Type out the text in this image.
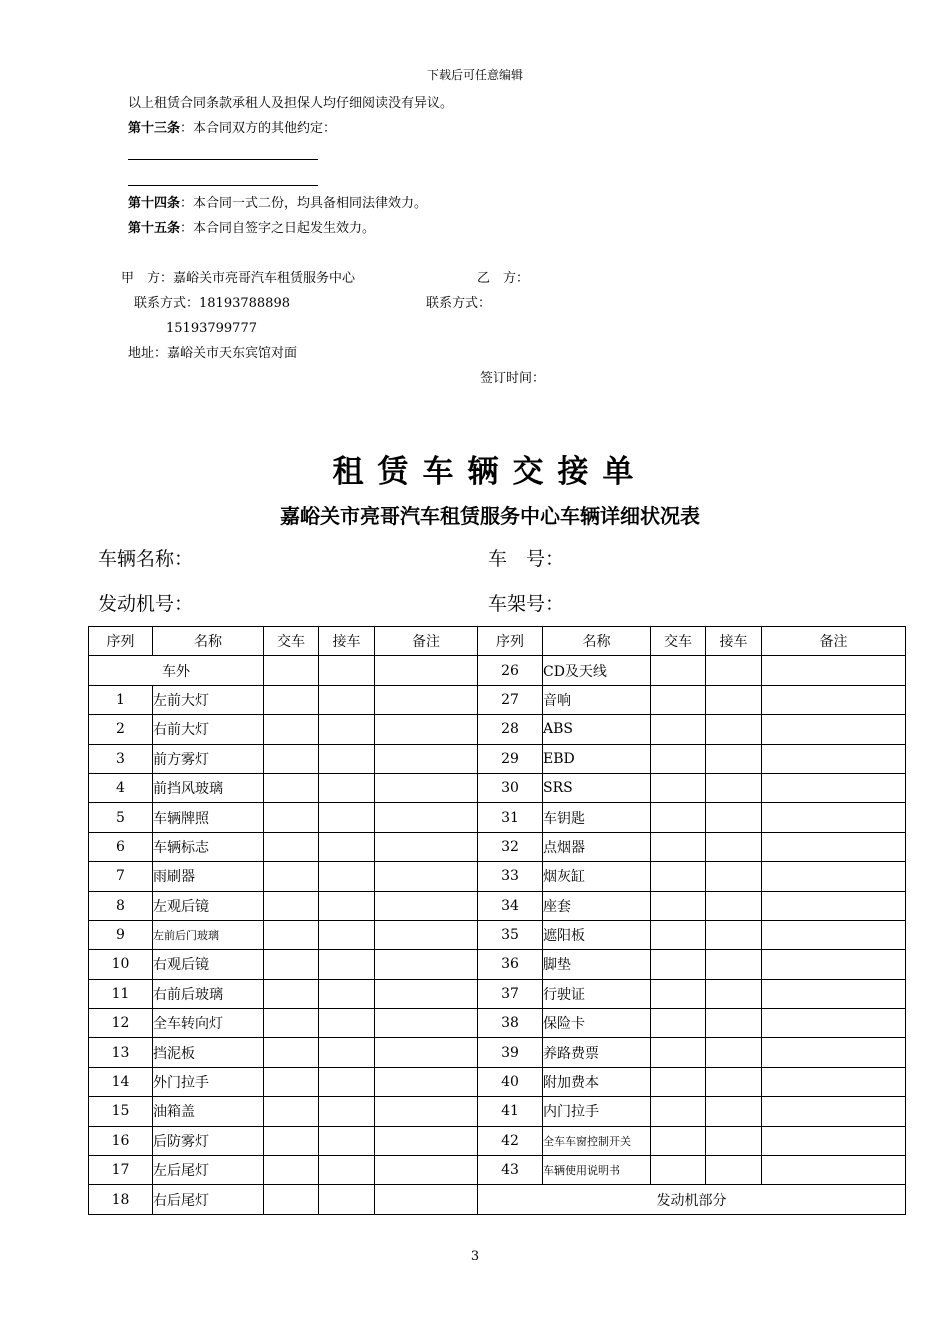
下载后可任意编辑
以上租赁合同条款承租人及担保人均仔细阅读没有异议。
第十三条：本合同双方的其他约定：
第十四条：本合同一式二份，均具备相同法律效力。
第十五条：本合同自签字之日起发生效力。
甲　方：嘉峪关市亮哥汽车租赁服务中心	乙　方：
联系方式：18193788898	联系方式：
15193799777
地址：嘉峪关市天东宾馆对面
签订时间：
租赁车辆交接单
嘉峪关市亮哥汽车租赁服务中心车辆详细状况表
车辆名称：	车　号：
发动机号：	车架号：
序列	名称	交车	接车	备注	序列	名称	交车	接车	备注
车外					26	CD及天线			
1	左前大灯				27	音响			
2	右前大灯				28	ABS			
3	前方雾灯				29	EBD			
4	前挡风玻璃				30	SRS			
5	车辆牌照				31	车钥匙			
6	车辆标志				32	点烟器			
7	雨刷器				33	烟灰缸			
8	左观后镜				34	座套			
9	左前后门玻璃				35	遮阳板			
10	右观后镜				36	脚垫			
11	右前后玻璃				37	行驶证			
12	全车转向灯				38	保险卡			
13	挡泥板				39	养路费票			
14	外门拉手				40	附加费本			
15	油箱盖				41	内门拉手			
16	后防雾灯				42	全车车窗控制开关			
17	左后尾灯				43	车辆使用说明书			
18	右后尾灯				发动机部分				
3
